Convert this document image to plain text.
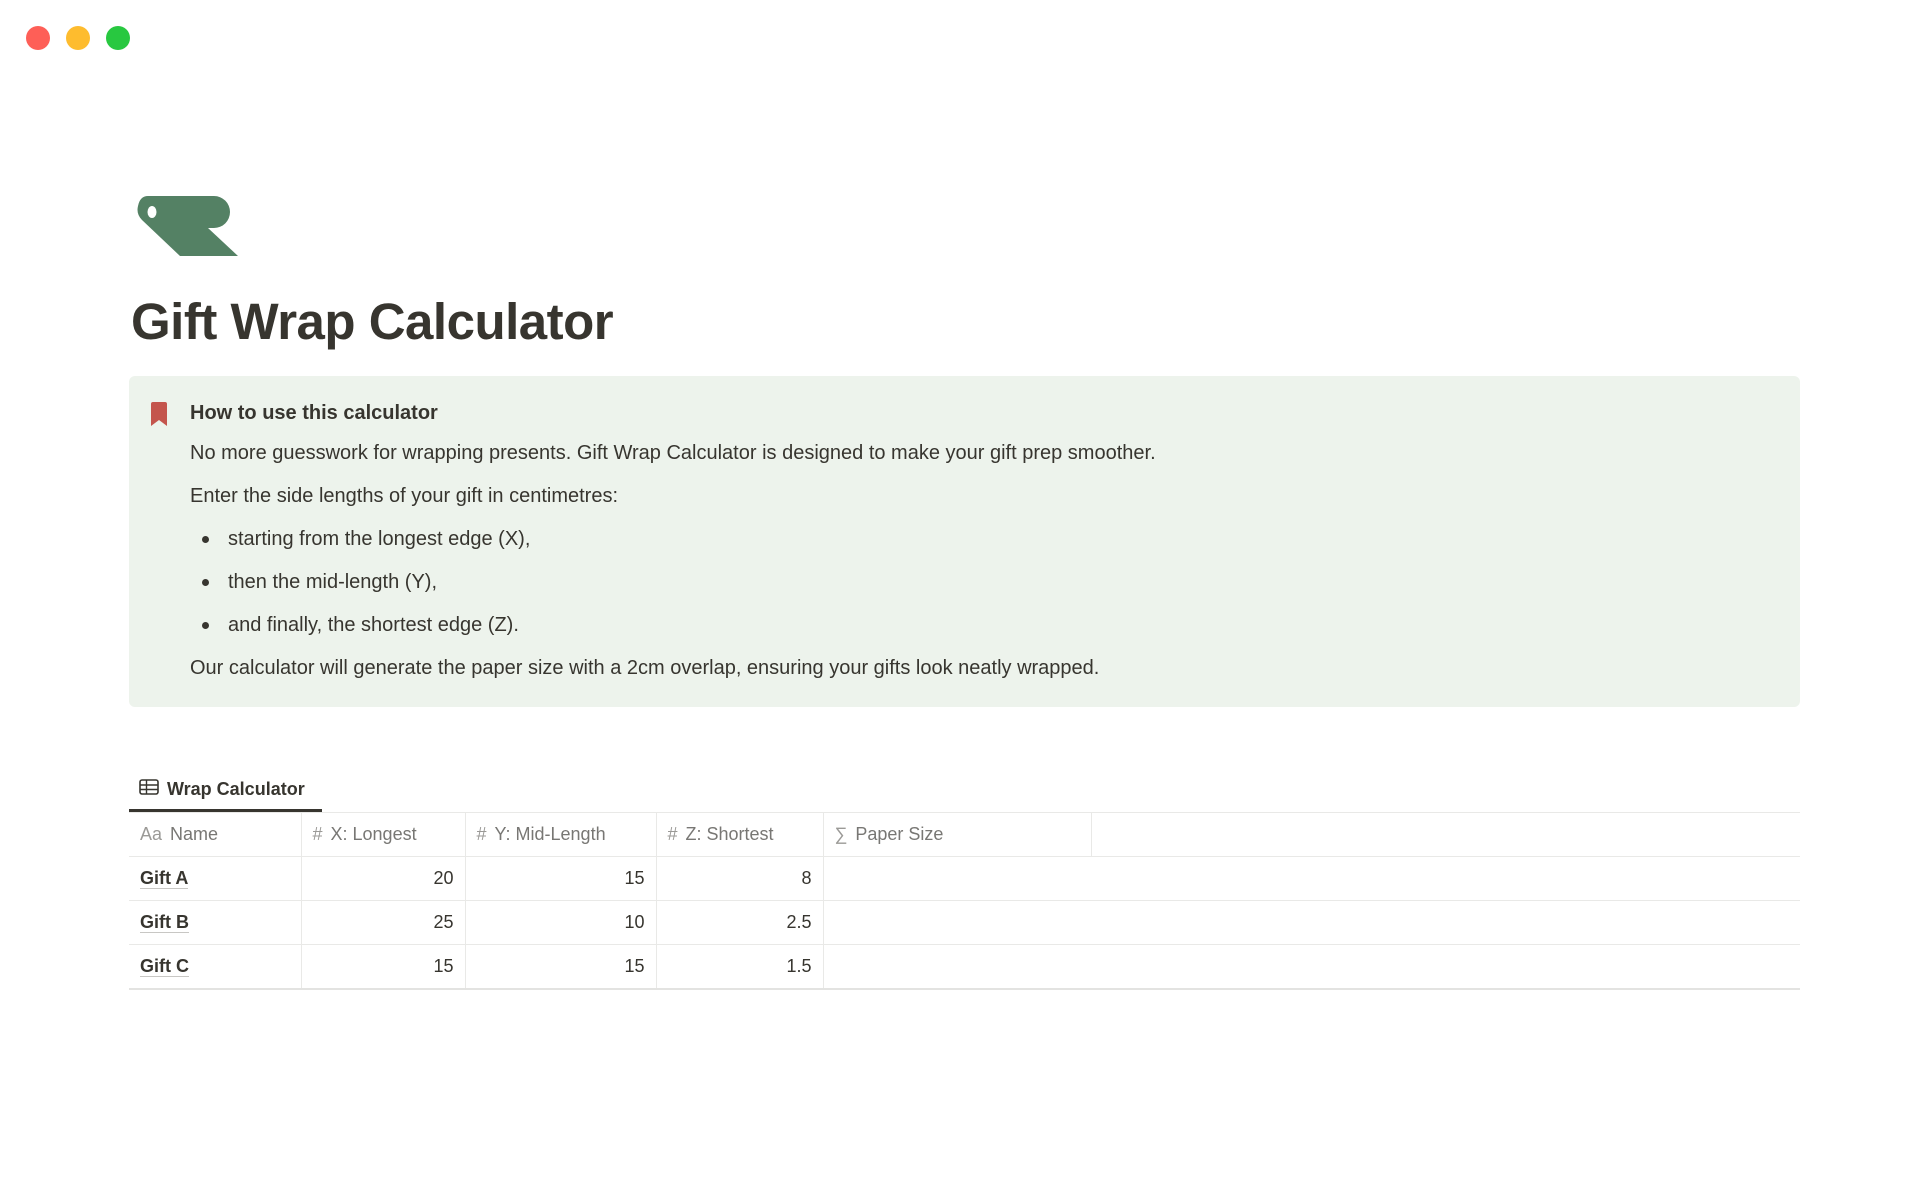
Gift Wrap Calculator
How to use this calculator

No more guesswork for wrapping presents. Gift Wrap Calculator is designed to make your gift prep smoother.

Enter the side lengths of your gift in centimetres:

starting from the longest edge (X),
then the mid-length (Y),
and finally, the shortest edge (Z).

Our calculator will generate the paper size with a 2cm overlap, ensuring your gifts look neatly wrapped.

Wrap Calculator
Aa Name	# X: Longest	# Y: Mid-Length	# Z: Shortest	∑ Paper Size	
Gift A	20	15	8		
Gift B	25	10	2.5		
Gift C	15	15	1.5		
